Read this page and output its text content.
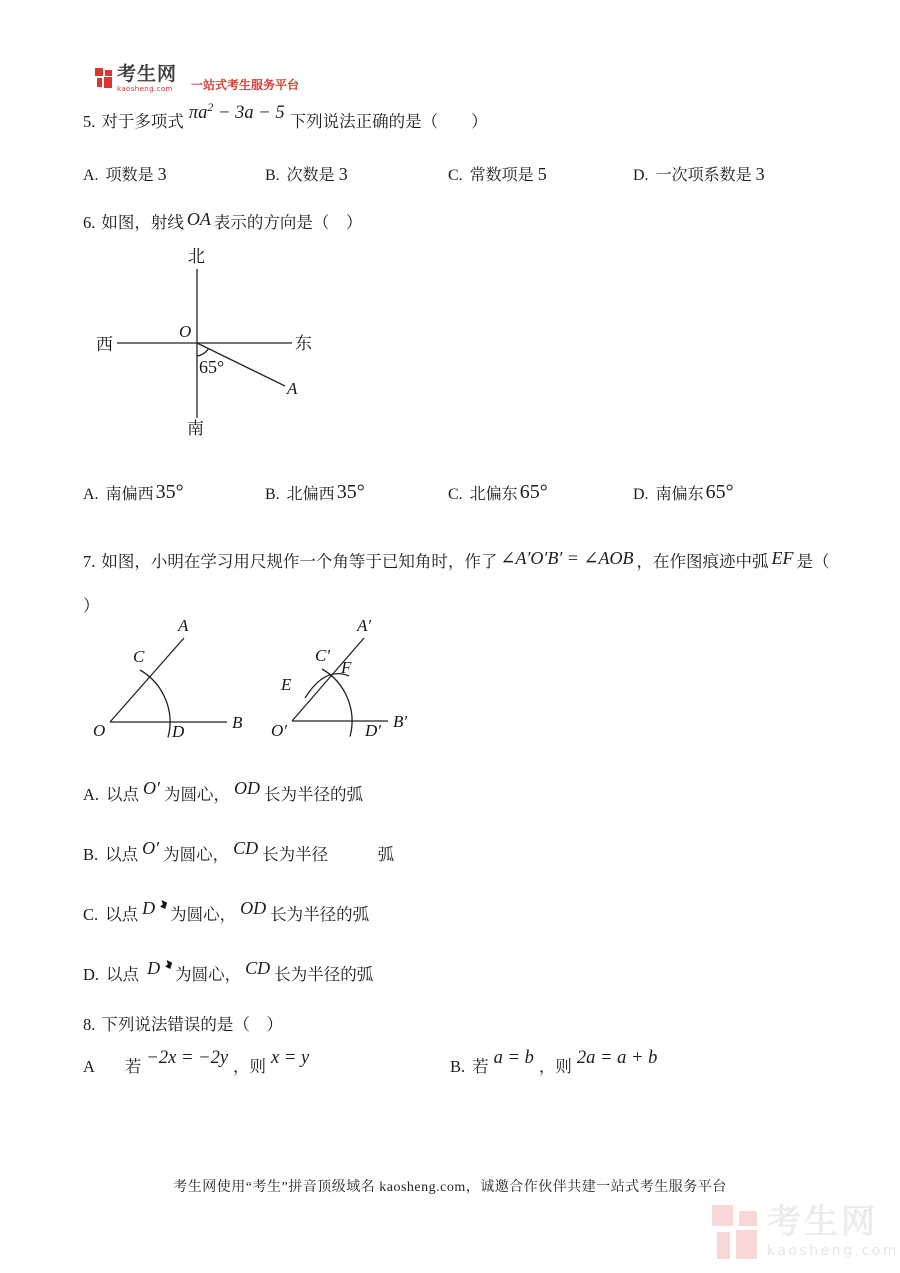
考生网
kaosheng.com	一站式考生服务平台
5. 对于多项式 $\pi a^2 - 3a - 5$ 下列说法正确的是（　　）
A. 项数是 3	B. 次数是 3	C. 常数项是 5	D. 一次项系数是 3
6. 如图，射线 OA 表示的方向是（　）
北
西	东
南
O
65°
A
A. 南偏西 35°	B. 北偏西 35°	C. 北偏东 65°	D. 南偏东 65°
7. 如图，小明在学习用尺规作一个角等于已知角时，作了 ∠A′O′B′ = ∠AOB ，在作图痕迹中弧 EF 是（
）
A
C
O	D	B
A′
C′
E
F
O′	D′ B′
A. 以点 O′ 为圆心， OD 长为半径的弧
B. 以点 O′ 为圆心， CD 长为半径　　　弧
C. 以点 D 为圆心， OD 长为半径的弧
D. 以点 D 为圆心， CD 长为半径的弧
8. 下列说法错误的是（　）
A 若 −2x = −2y ，则 x = y	B. 若 a = b ，则 2a = a + b
考生网使用“考生”拼音顶级域名 kaosheng.com，诚邀合作伙伴共建一站式考生服务平台
考生网
kaosheng.com
